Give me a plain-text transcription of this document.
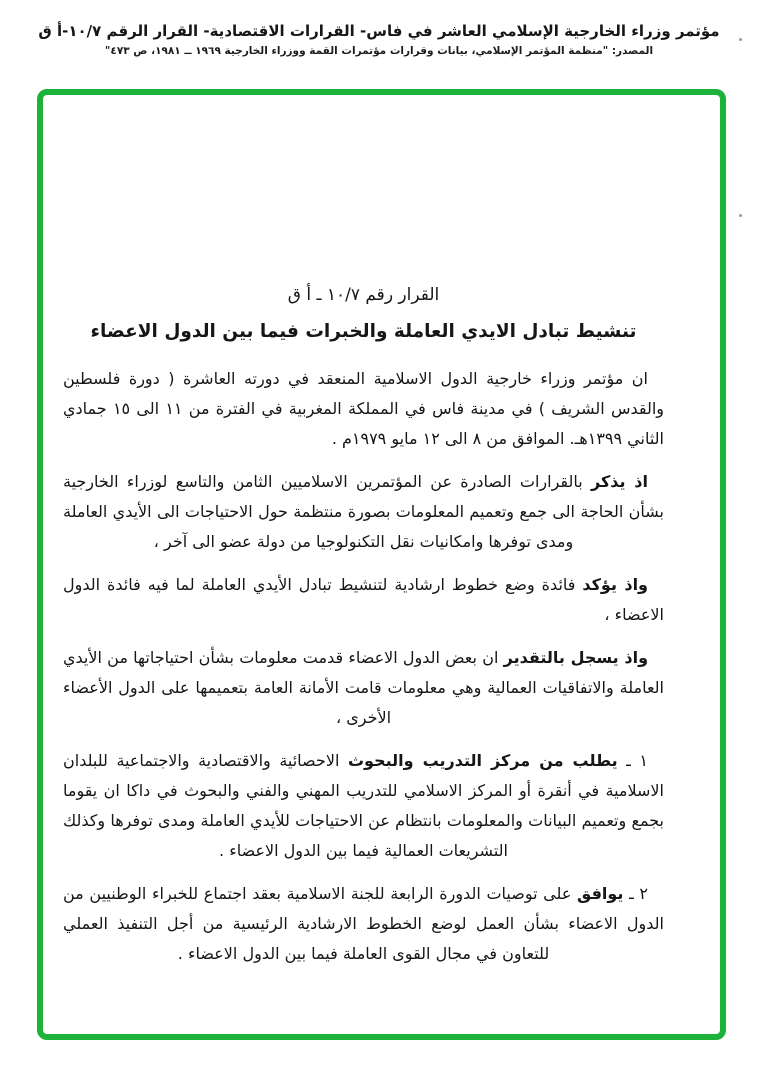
مؤتمر وزراء الخارجية الإسلامي العاشر في فاس- القرارات الاقتصادية- القرار الرقم ١٠/٧-أ ق
المصدر: "منظمة المؤتمر الإسلامي، بيانات وقرارات مؤتمرات القمة ووزراء الخارجية ١٩٦٩ ــ ١٩٨١، ص ٤٧٣"

القرار رقم ١٠/٧ ـ أ ق

تنشيط تبادل الايدي العاملة والخبرات فيما بين الدول الاعضاء

ان مؤتمر وزراء خارجية الدول الاسلامية المنعقد في دورته العاشرة ( دورة فلسطين والقدس الشريف ) في مدينة فاس في المملكة المغربية في الفترة من ١١ الى ١٥ جمادي الثاني ١٣٩٩هـ. الموافق من ٨ الى ١٢ مايو ١٩٧٩م .

اذ يذكر بالقرارات الصادرة عن المؤتمرين الاسلاميين الثامن والتاسع لوزراء الخارجية بشأن الحاجة الى جمع وتعميم المعلومات بصورة منتظمة حول الاحتياجات الى الأيدي العاملة ومدى توفرها وامكانيات نقل التكنولوجيا من دولة عضو الى آخر ،

واذ يؤكد فائدة وضع خطوط ارشادية لتنشيط تبادل الأيدي العاملة لما فيه فائدة الدول الاعضاء ،

واذ يسجل بالتقدير ان بعض الدول الاعضاء قدمت معلومات بشأن احتياجاتها من الأيدي العاملة والاتفاقيات العمالية وهي معلومات قامت الأمانة العامة بتعميمها على الدول الأعضاء الأخرى ،

١ ـ يطلب من مركز التدريب والبحوث الاحصائية والاقتصادية والاجتماعية للبلدان الاسلامية في أنقرة أو المركز الاسلامي للتدريب المهني والفني والبحوث في داكا ان يقوما بجمع وتعميم البيانات والمعلومات بانتظام عن الاحتياجات للأيدي العاملة ومدى توفرها وكذلك التشريعات العمالية فيما بين الدول الاعضاء .

٢ ـ يوافق على توصيات الدورة الرابعة للجنة الاسلامية بعقد اجتماع للخبراء الوطنيين من الدول الاعضاء بشأن العمل لوضع الخطوط الارشادية الرئيسية من أجل التنفيذ العملي للتعاون في مجال القوى العاملة فيما بين الدول الاعضاء .
